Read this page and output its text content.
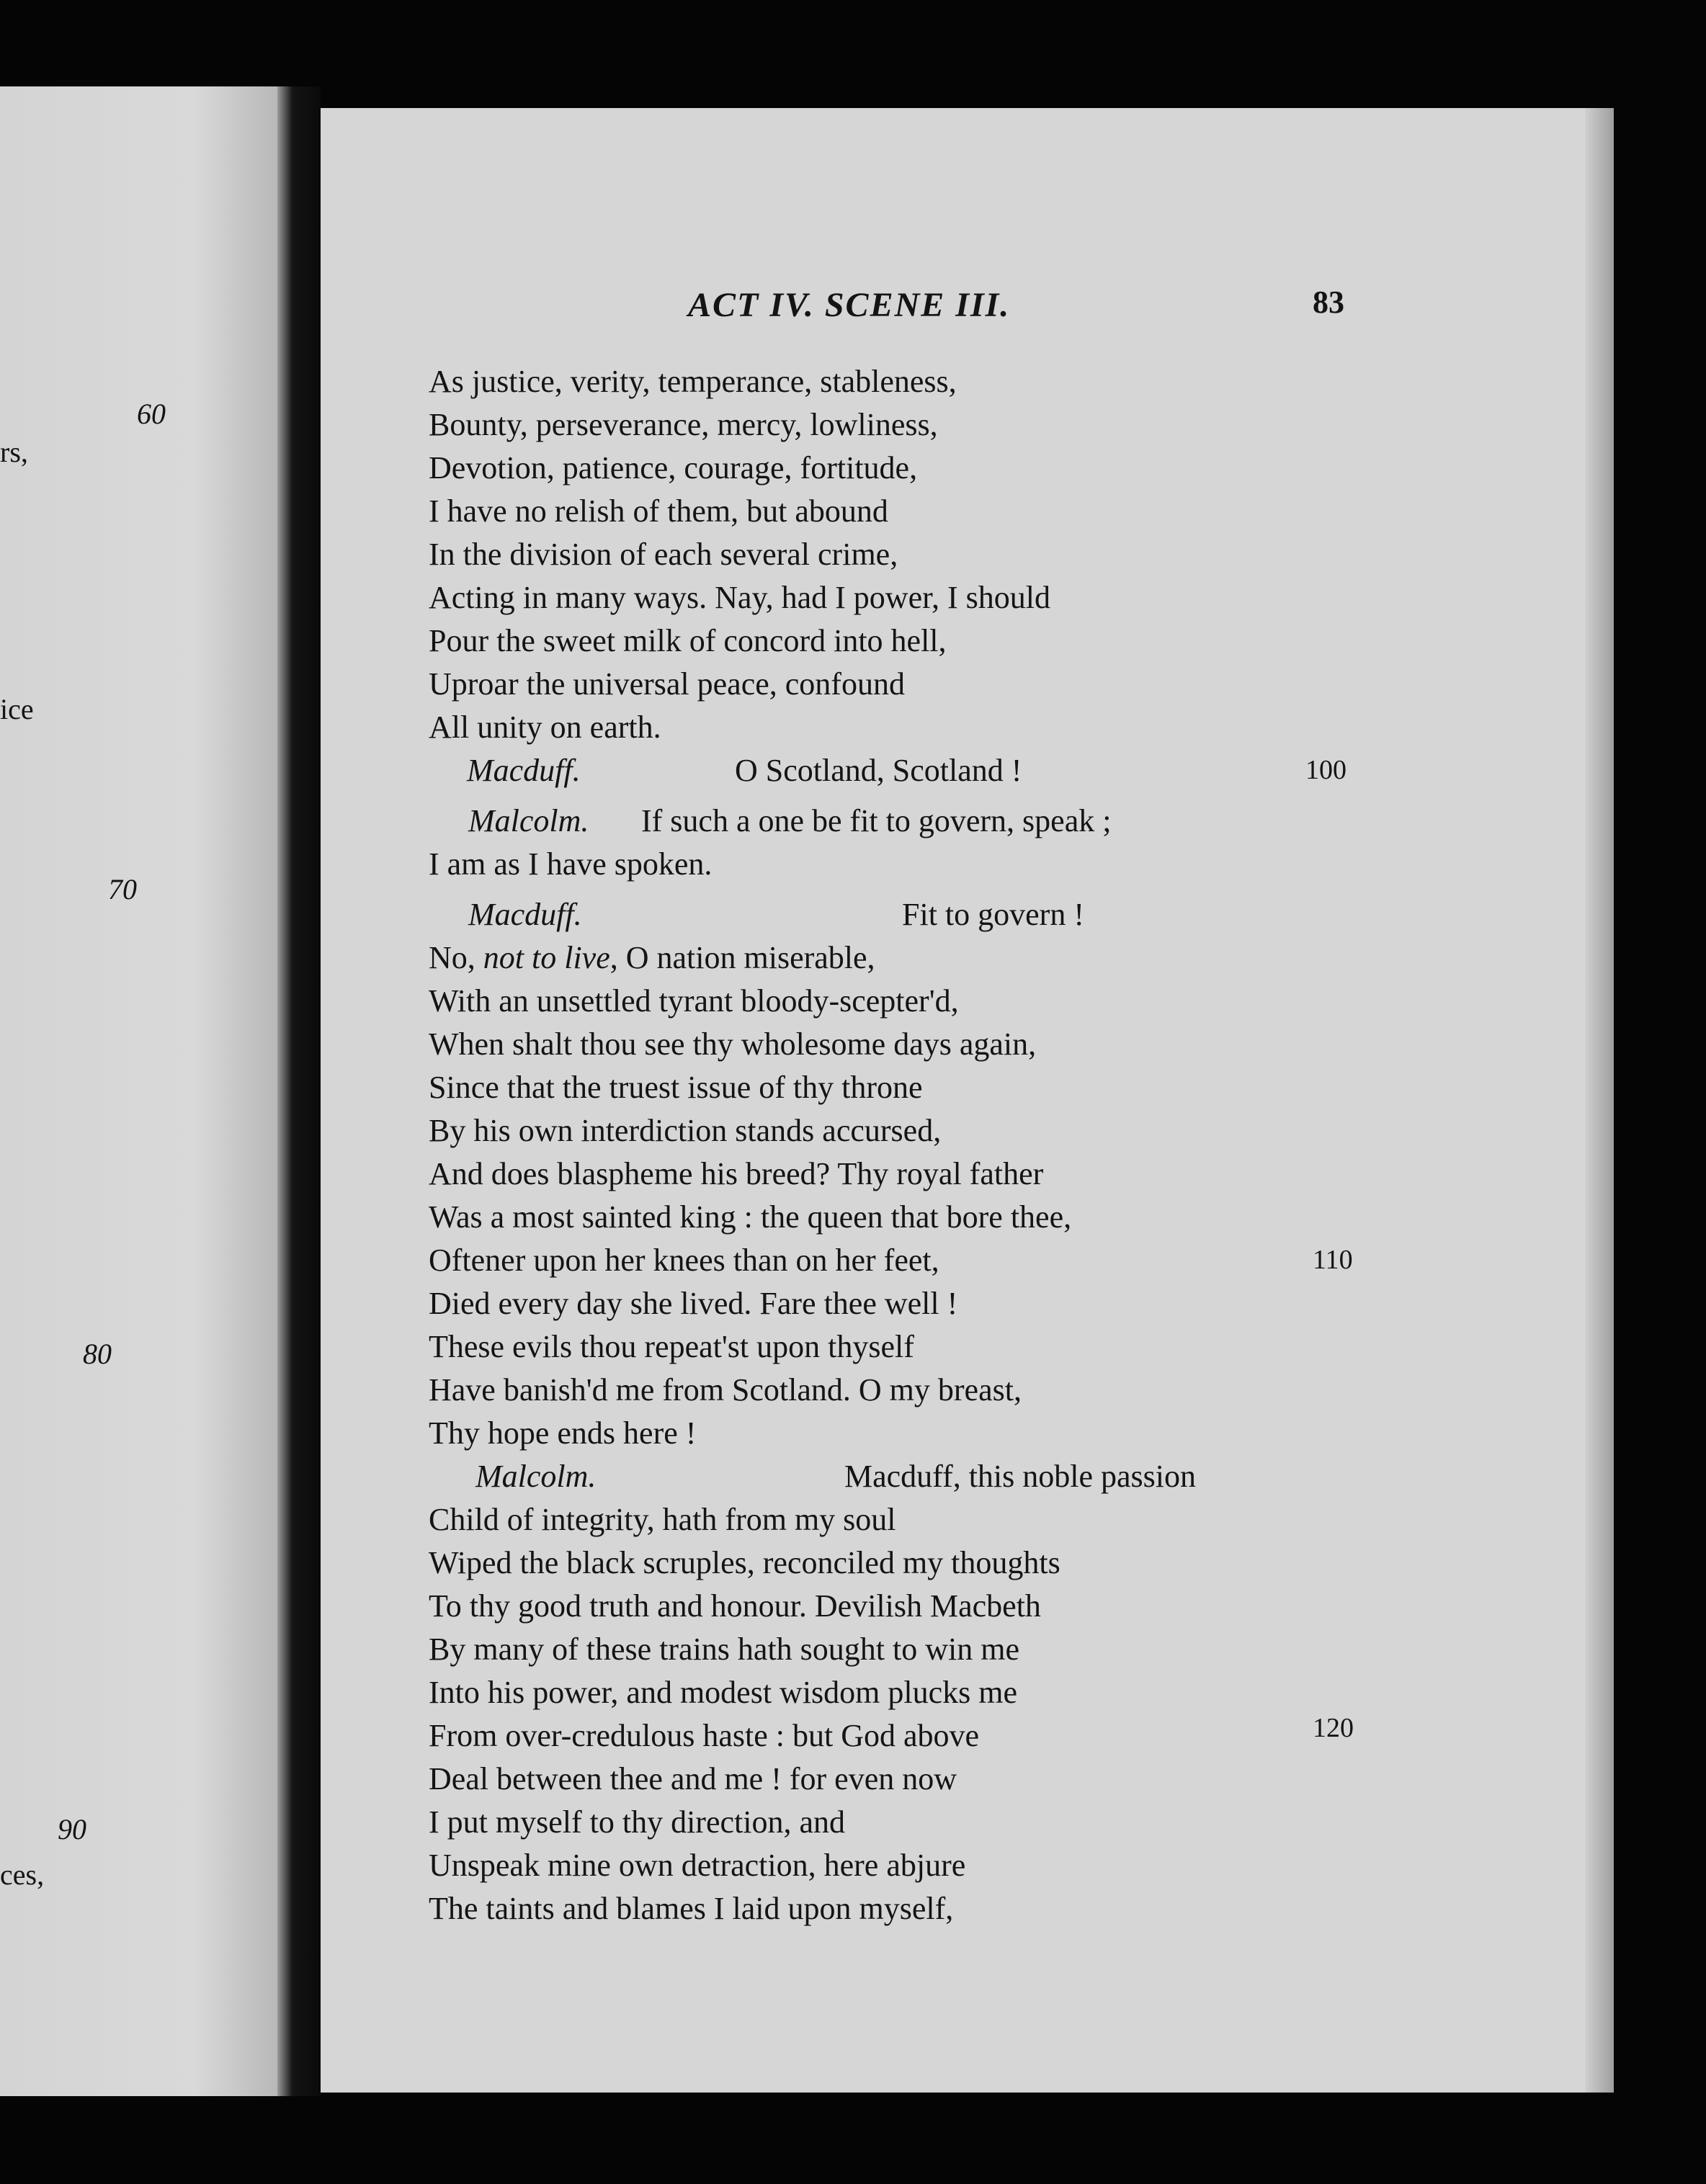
60
rs,
ice
70
80
90
ces,
ACT IV. SCENE III.	83
As justice, verity, temperance, stableness,
Bounty, perseverance, mercy, lowliness,
Devotion, patience, courage, fortitude,
I have no relish of them, but abound
In the division of each several crime,
Acting in many ways. Nay, had I power, I should
Pour the sweet milk of concord into hell,
Uproar the universal peace, confound
All unity on earth.
Macduff.	O Scotland, Scotland !	100
Malcolm. If such a one be fit to govern, speak ;
I am as I have spoken.
Macduff.	Fit to govern !
No, not to live, O nation miserable,
With an unsettled tyrant bloody-scepter'd,
When shalt thou see thy wholesome days again,
Since that the truest issue of thy throne
By his own interdiction stands accursed,
And does blaspheme his breed? Thy royal father
Was a most sainted king : the queen that bore thee,
Oftener upon her knees than on her feet,	110
Died every day she lived. Fare thee well !
These evils thou repeat'st upon thyself
Have banish'd me from Scotland. O my breast,
Thy hope ends here !
Malcolm.	Macduff, this noble passion
Child of integrity, hath from my soul
Wiped the black scruples, reconciled my thoughts
To thy good truth and honour. Devilish Macbeth
By many of these trains hath sought to win me
Into his power, and modest wisdom plucks me
From over-credulous haste : but God above	120
Deal between thee and me ! for even now
I put myself to thy direction, and
Unspeak mine own detraction, here abjure
The taints and blames I laid upon myself,
